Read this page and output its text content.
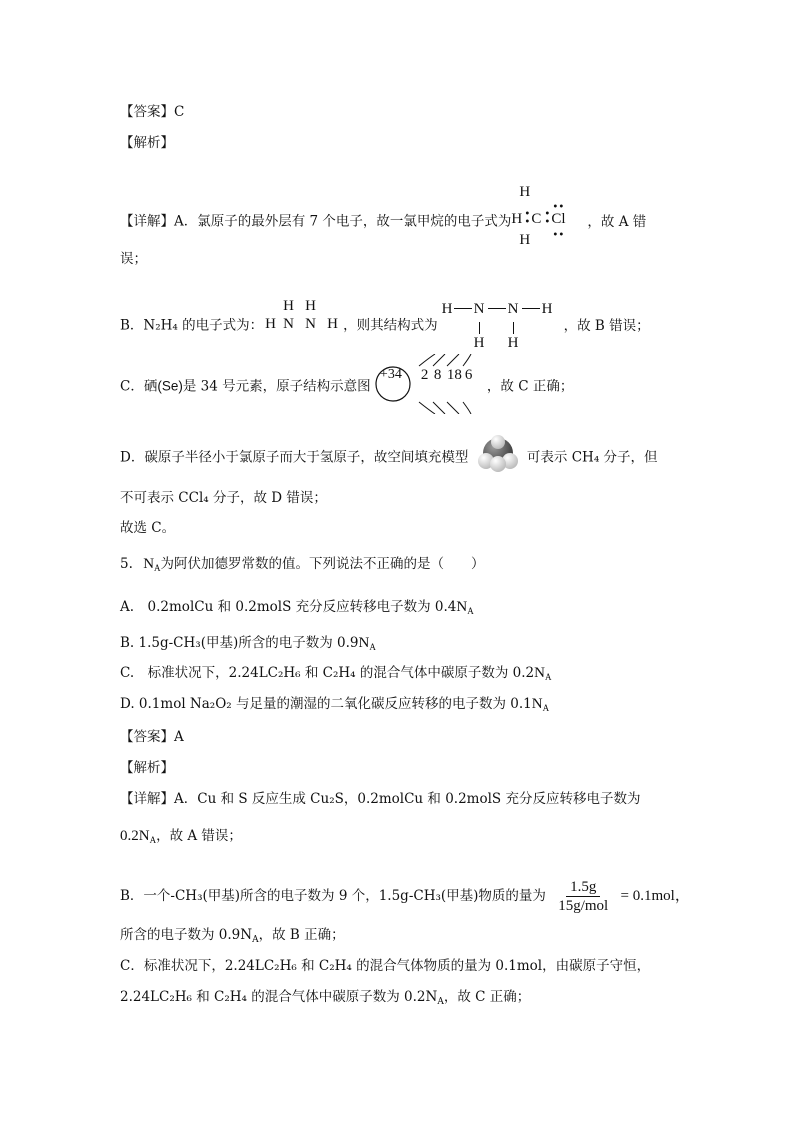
【答案】C
【解析】
【详解】A．氯原子的最外层有 7 个电子，故一氯甲烷的电子式为
H
H •
• C •
• Cl
••
••
H
，故 A 错
误；
B．N₂H₄ 的电子式为：
H H
H N N H ，则其结构式为
H N N H
H H
，故 B 错误；
C．硒(Se)是 34 号元素，原子结构示意图
+34 2 8 18 6
，故 C 正确；
D．碳原子半径小于氯原子而大于氢原子，故空间填充模型	可表示 CH₄ 分子，但
不可表示 CCl₄ 分子，故 D 错误；
故选 C。
5. $N_A$为阿伏加德罗常数的值。下列说法不正确的是（　　）
A.　0.2molCu 和 0.2molS 充分反应转移电子数为 $0.4N_A$
B. 1.5g-CH₃(甲基)所含的电子数为 $0.9N_A$
C.　标准状况下，2.24LC₂H₆ 和 C₂H₄ 的混合气体中碳原子数为 $0.2N_A$
D. 0.1mol Na₂O₂ 与足量的潮湿的二氧化碳反应转移的电子数为 $0.1N_A$
【答案】A
【解析】
【详解】A．Cu 和 S 反应生成 Cu₂S，0.2molCu 和 0.2molS 充分反应转移电子数为
$0.2N_A$，故 A 错误；
B．一个-CH₃(甲基)所含的电子数为 9 个，1.5g-CH₃(甲基)物质的量为 $\frac{1.5g}{\text{15g/mol}} = 0.1mol$，
所含的电子数为 $0.9N_A$，故 B 正确；
C．标准状况下，2.24LC₂H₆ 和 C₂H₄ 的混合气体物质的量为 0.1mol，由碳原子守恒，
2.24LC₂H₆ 和 C₂H₄ 的混合气体中碳原子数为 $0.2N_A$，故 C 正确；
